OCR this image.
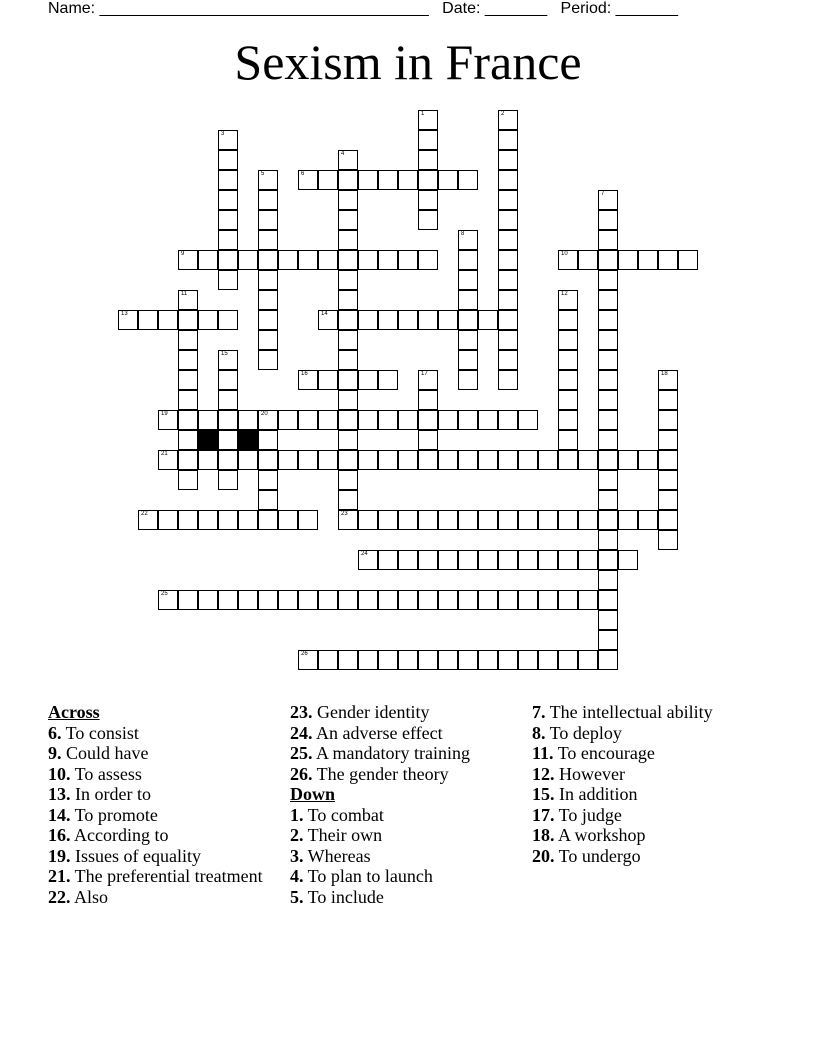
Name: _____________________________________ Date: _______ Period: _______
Sexism in France
1	2
3
4
5	6
7
8
9	10
11	12
13	14
15
16	17	18
19	20
21
22	23
24
25
26
Across
6. To consist
9. Could have
10. To assess
13. In order to
14. To promote
16. According to
19. Issues of equality
21. The preferential treatment
22. Also
23. Gender identity
24. An adverse effect
25. A mandatory training
26. The gender theory
Down
1. To combat
2. Their own
3. Whereas
4. To plan to launch
5. To include
7. The intellectual ability
8. To deploy
11. To encourage
12. However
15. In addition
17. To judge
18. A workshop
20. To undergo
